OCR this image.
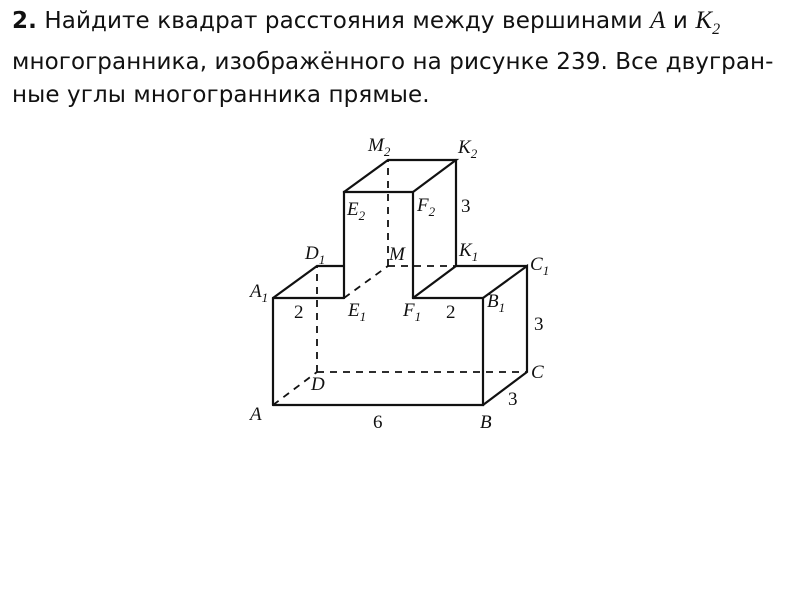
2. Найдите квадрат расстояния между вершинами A и $K_2$
многогранника, изображённого на рисунке 239. Все двугран-
ные углы многогранника прямые.
A	B
C
D
$A_1$	$B_1$
$C_1$
$D_1$
$E_1$ $F_1$
$K_1$
M
$E_2$	$F_2$
$K_2$
$M_2$
6
3
3
2	2
3
